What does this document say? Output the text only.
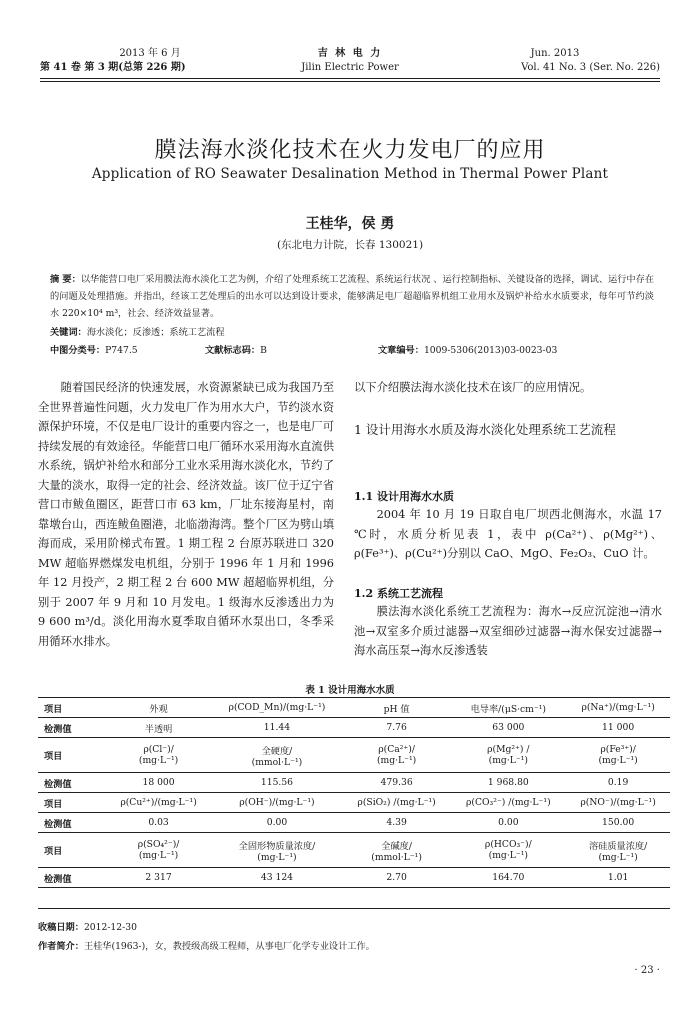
2013 年 6 月
第 41 卷 第 3 期(总第 226 期)
吉 林 电 力
Jilin Electric Power
Jun. 2013
Vol. 41 No. 3 (Ser. No. 226)
膜法海水淡化技术在火力发电厂的应用
Application of RO Seawater Desalination Method in Thermal Power Plant
王桂华，侯 勇
(东北电力计院，长春 130021)
摘 要：以华能营口电厂采用膜法海水淡化工艺为例，介绍了处理系统工艺流程、系统运行状况 、运行控制指标、关键设备的选择，调试、运行中存在的问题及处理措施。并指出，经该工艺处理后的出水可以达到设计要求，能够满足电厂超超临界机组工业用水及锅炉补给水水质要求，每年可节约淡水 220×10⁴ m³，社会、经济效益显著。
关键词：海水淡化；反渗透；系统工艺流程
中图分类号：P747.5	文献标志码：B	文章编号：1009-5306(2013)03-0023-03

随着国民经济的快速发展，水资源紧缺已成为我国乃至全世界普遍性问题，火力发电厂作为用水大户，节约淡水资源保护环境，不仅是电厂设计的重要内容之一，也是电厂可持续发展的有效途径。华能营口电厂循环水采用海水直流供水系统，锅炉补给水和部分工业水采用海水淡化水，节约了大量的淡水，取得一定的社会、经济效益。该厂位于辽宁省营口市鲅鱼圈区，距营口市 63 km，厂址东接海星村，南靠墩台山，西连鲅鱼圈港，北临渤海湾。整个厂区为劈山填海而成，采用阶梯式布置。1 期工程 2 台原苏联进口 320 MW 超临界燃煤发电机组，分别于 1996 年 1 月和 1996 年 12 月投产，2 期工程 2 台 600 MW 超超临界机组，分别于 2007 年 9 月和 10 月发电。1 级海水反渗透出力为 9 600 m³/d。淡化用海水夏季取自循环水泵出口，冬季采用循环水排水。

以下介绍膜法海水淡化技术在该厂的应用情况。

1 设计用海水水质及海水淡化处理系统工艺流程
1.1 设计用海水水质

2004 年 10 月 19 日取自电厂坝西北侧海水，水温 17 ℃时，水质分析见表 1，表中 ρ(Ca²⁺)、ρ(Mg²⁺)、ρ(Fe³⁺)、ρ(Cu²⁺)分别以 CaO、MgO、Fe₂O₃、CuO 计。

1.2 系统工艺流程

膜法海水淡化系统工艺流程为：海水→反应沉淀池→清水池→双室多介质过滤器→双室细砂过滤器→海水保安过滤器→海水高压泵→海水反渗透装

表 1 设计用海水水质
项目	外观	ρ(COD_Mn)/(mg·L⁻¹)	pH 值	电导率/(μS·cm⁻¹)	ρ(Na⁺)/(mg·L⁻¹)
检测值	半透明	11.44	7.76	63 000	11 000
项目	ρ(Cl⁻)/
(mg·L⁻¹)	全硬度/
(mmol·L⁻¹)	ρ(Ca²⁺)/
(mg·L⁻¹)	ρ(Mg²⁺) /
(mg·L⁻¹)	ρ(Fe³⁺)/
(mg·L⁻¹)

检测值	18 000	115.56	479.36	1 968.80	0.19
项目	ρ(Cu²⁺)/(mg·L⁻¹)	ρ(OH⁻)/(mg·L⁻¹)	ρ(SiO₂) /(mg·L⁻¹)	ρ(CO₃²⁻) /(mg·L⁻¹)	ρ(NO⁻)/(mg·L⁻¹)
检测值	0.03	0.00	4.39	0.00	150.00
项目	ρ(SO₄²⁻)/
(mg·L⁻¹)	全固形物质量浓度/
(mg·L⁻¹)	全碱度/
(mmol·L⁻¹)	ρ(HCO₃⁻)/
(mg·L⁻¹)	溶硅质量浓度/
(mg·L⁻¹)

检测值	2 317	43 124	2.70	164.70	1.01
收稿日期：2012-12-30
作者简介：王桂华(1963-)，女，教授级高级工程师，从事电厂化学专业设计工作。
· 23 ·
